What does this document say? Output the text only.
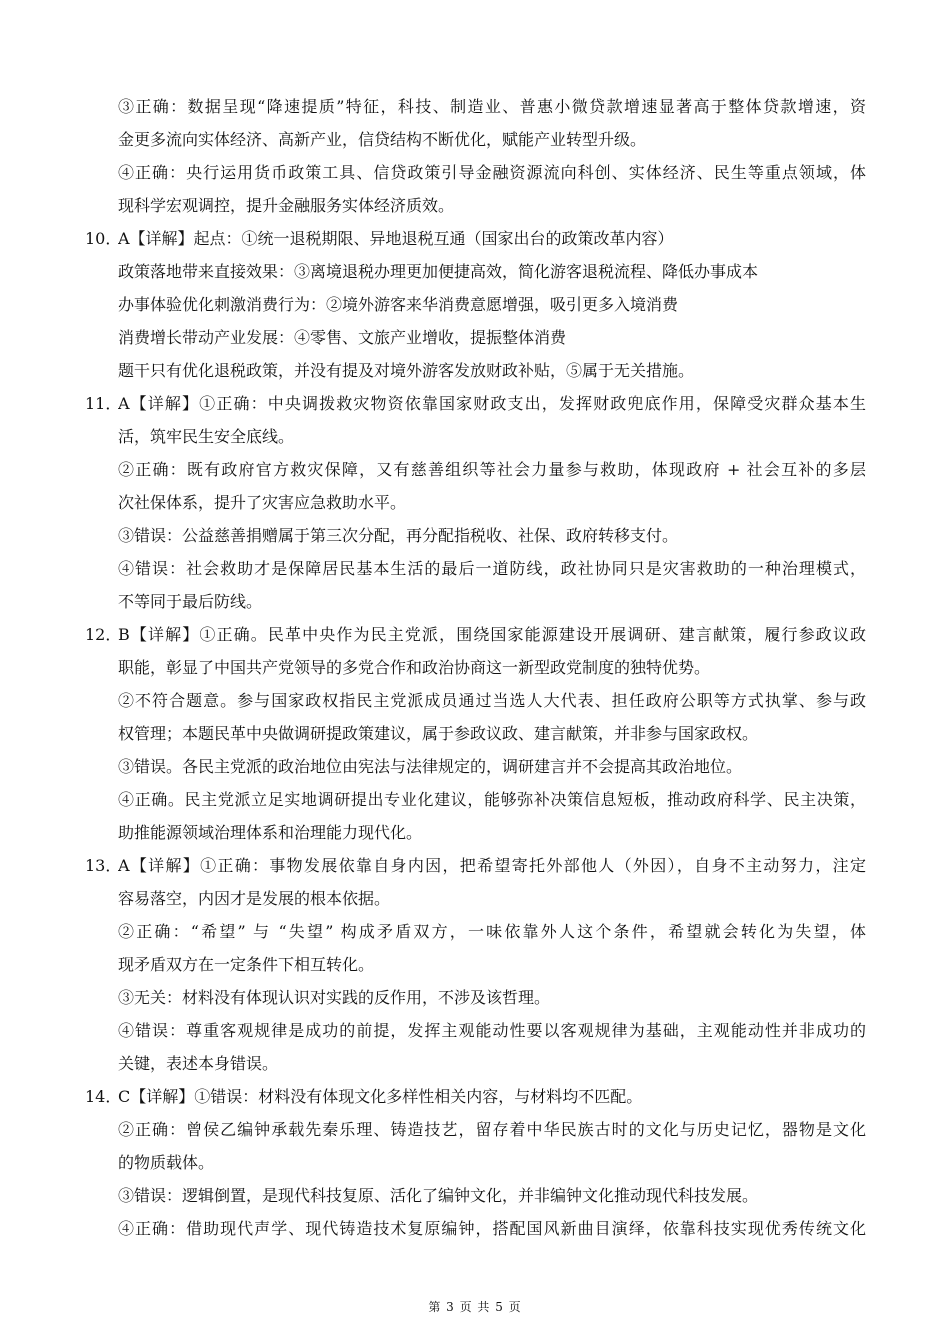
③正确：数据呈现“降速提质”特征，科技、制造业、普惠小微贷款增速显著高于整体贷款增速，资
金更多流向实体经济、高新产业，信贷结构不断优化，赋能产业转型升级。
④正确：央行运用货币政策工具、信贷政策引导金融资源流向科创、实体经济、民生等重点领域，体
现科学宏观调控，提升金融服务实体经济质效。
10．
A【详解】起点：①统一退税期限、异地退税互通（国家出台的政策改革内容）
政策落地带来直接效果：③离境退税办理更加便捷高效，简化游客退税流程、降低办事成本
办事体验优化刺激消费行为：②境外游客来华消费意愿增强，吸引更多入境消费
消费增长带动产业发展：④零售、文旅产业增收，提振整体消费
题干只有优化退税政策，并没有提及对境外游客发放财政补贴，⑤属于无关措施。
11．
A【详解】①正确：中央调拨救灾物资依靠国家财政支出，发挥财政兜底作用，保障受灾群众基本生
活，筑牢民生安全底线。
②正确：既有政府官方救灾保障，又有慈善组织等社会力量参与救助，体现政府 + 社会互补的多层
次社保体系，提升了灾害应急救助水平。
③错误：公益慈善捐赠属于第三次分配，再分配指税收、社保、政府转移支付。
④错误：社会救助才是保障居民基本生活的最后一道防线，政社协同只是灾害救助的一种治理模式，
不等同于最后防线。
12．
B【详解】①正确。民革中央作为民主党派，围绕国家能源建设开展调研、建言献策，履行参政议政
职能，彰显了中国共产党领导的多党合作和政治协商这一新型政党制度的独特优势。
②不符合题意。参与国家政权指民主党派成员通过当选人大代表、担任政府公职等方式执掌、参与政
权管理；本题民革中央做调研提政策建议，属于参政议政、建言献策，并非参与国家政权。
③错误。各民主党派的政治地位由宪法与法律规定的，调研建言并不会提高其政治地位。
④正确。民主党派立足实地调研提出专业化建议，能够弥补决策信息短板，推动政府科学、民主决策，
助推能源领域治理体系和治理能力现代化。
13．
A【详解】①正确：事物发展依靠自身内因，把希望寄托外部他人（外因），自身不主动努力，注定
容易落空，内因才是发展的根本依据。
②正确：“希望” 与 “失望” 构成矛盾双方，一味依靠外人这个条件，希望就会转化为失望，体
现矛盾双方在一定条件下相互转化。
③无关：材料没有体现认识对实践的反作用，不涉及该哲理。
④错误：尊重客观规律是成功的前提，发挥主观能动性要以客观规律为基础，主观能动性并非成功的
关键，表述本身错误。
14．
C【详解】①错误：材料没有体现文化多样性相关内容，与材料均不匹配。
②正确：曾侯乙编钟承载先秦乐理、铸造技艺，留存着中华民族古时的文化与历史记忆，器物是文化
的物质载体。
③错误：逻辑倒置，是现代科技复原、活化了编钟文化，并非编钟文化推动现代科技发展。
④正确：借助现代声学、现代铸造技术复原编钟，搭配国风新曲目演绎，依靠科技实现优秀传统文化
第 3 页 共 5 页
